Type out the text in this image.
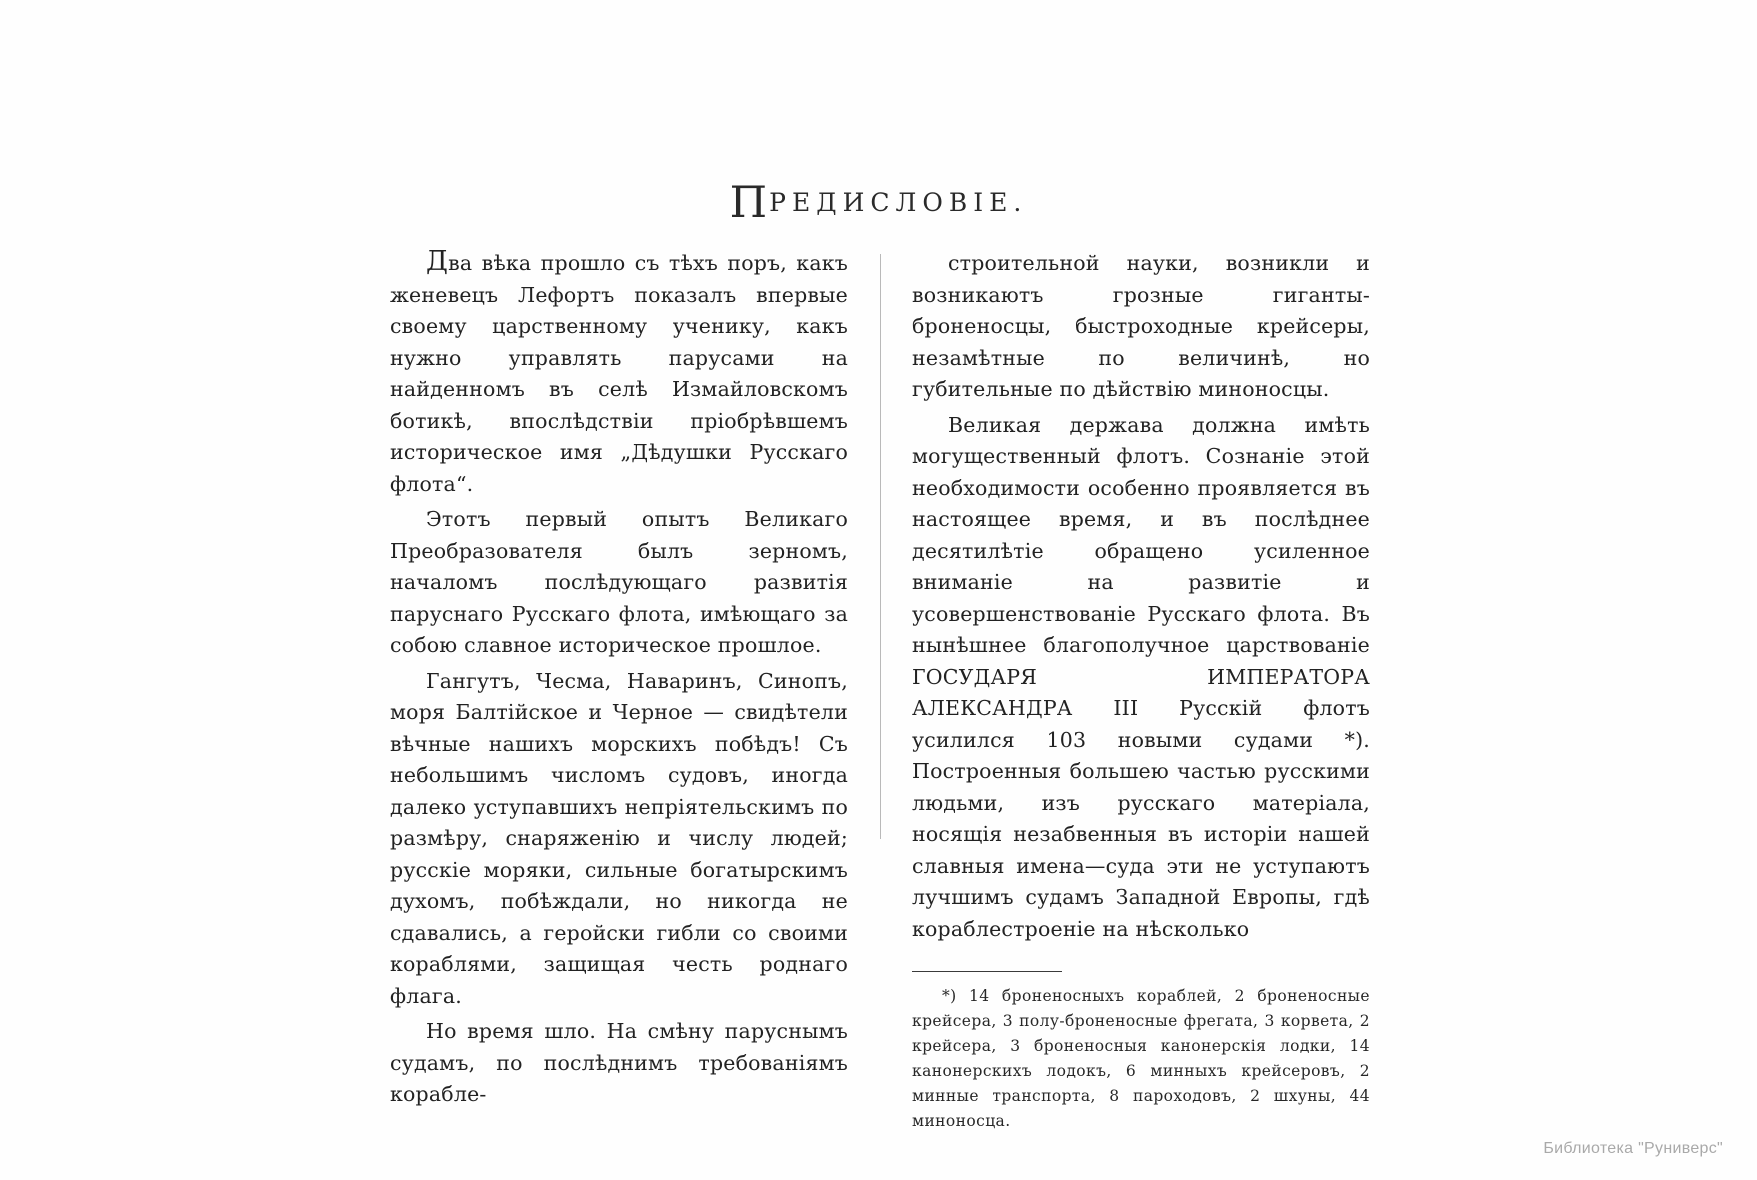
ПРЕДИСЛОВІЕ.

Два вѣка прошло съ тѣхъ поръ, какъ женевецъ Лефортъ показалъ впервые своему царственному ученику, какъ нужно управлять парусами на найденномъ въ селѣ Измайловскомъ ботикѣ, впослѣдствіи пріобрѣвшемъ историческое имя „Дѣдушки Русскаго флота“.

Этотъ первый опытъ Великаго Преобразователя былъ зерномъ, началомъ послѣдующаго развитія паруснаго Русскаго флота, имѣющаго за собою славное историческое прошлое.

Гангутъ, Чесма, Наваринъ, Синопъ, моря Балтійское и Черное — свидѣтели вѣчные нашихъ морскихъ побѣдъ! Съ небольшимъ числомъ судовъ, иногда далеко уступавшихъ непріятельскимъ по размѣру, снаряженію и числу людей; русскіе моряки, сильные богатырскимъ духомъ, побѣждали, но никогда не сдавались, а геройски гибли со своими кораблями, защищая честь роднаго флага.

Но время шло. На смѣну паруснымъ судамъ, по послѣднимъ требованіямъ корабле-

строительной науки, возникли и возникаютъ грозные гиганты-броненосцы, быстроходные крейсеры, незамѣтные по величинѣ, но губительные по дѣйствію миноносцы.

Великая держава должна имѣть могущественный флотъ. Сознаніе этой необходимости особенно проявляется въ настоящее время, и въ послѣднее десятилѣтіе обращено усиленное вниманіе на развитіе и усовершенствованіе Русскаго флота. Въ нынѣшнее благополучное царствованіе ГОСУДАРЯ ИМПЕРАТОРА АЛЕКСАНДРА III Русскій флотъ усилился 103 новыми судами *). Постpоенныя большею частью русскими людьми, изъ русскаго матеріала, носящія незабвенныя въ исторіи нашей славныя имена—суда эти не уступаютъ лучшимъ судамъ Западной Европы, гдѣ кораблестроеніе на нѣсколько

*) 14 броненосныхъ кораблей, 2 броненосные крейсера, 3 полу-броненосные фрегата, 3 корвета, 2 крейсера, 3 броненосныя канонерскія лодки, 14 канонерскихъ лодокъ, 6 минныхъ крейсеровъ, 2 минные транспорта, 8 пароходовъ, 2 шхуны, 44 миноносца.

Библиотека "Руниверс"
